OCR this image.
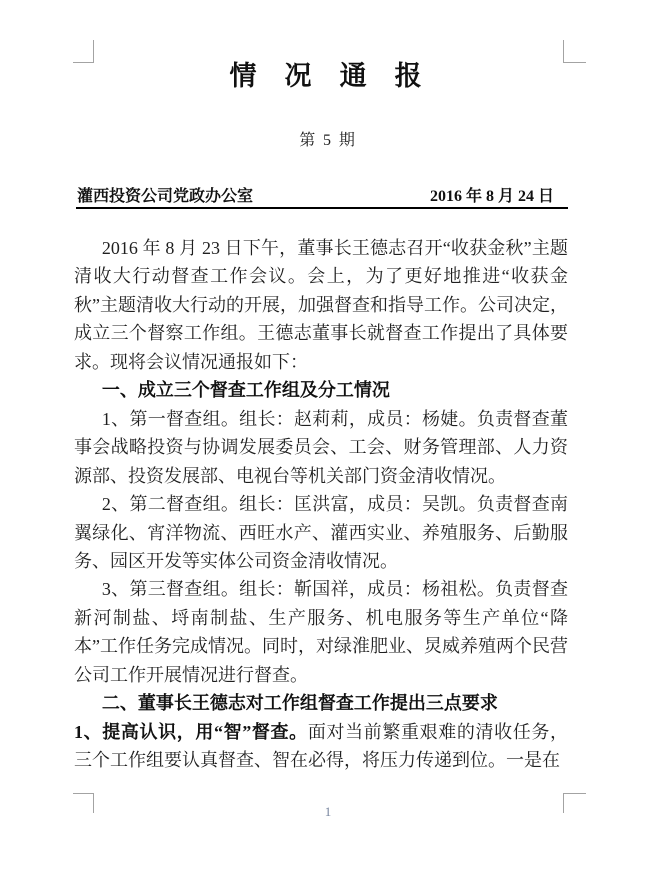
情  况  通  报
第 5 期
灌西投资公司党政办公室	2016 年 8 月 24 日

2016 年 8 月 23 日下午，董事长王德志召开“收获金秋”主题清收大行动督查工作会议。会上，为了更好地推进“收获金秋”主题清收大行动的开展，加强督查和指导工作。公司决定，成立三个督察工作组。王德志董事长就督查工作提出了具体要求。现将会议情况通报如下：

一、成立三个督查工作组及分工情况

1、第一督查组。组长：赵莉莉，成员：杨婕。负责督查董事会战略投资与协调发展委员会、工会、财务管理部、人力资源部、投资发展部、电视台等机关部门资金清收情况。

2、第二督查组。组长：匡洪富，成员：吴凯。负责督查南翼绿化、宵洋物流、西旺水产、灌西实业、养殖服务、后勤服务、园区开发等实体公司资金清收情况。

3、第三督查组。组长：靳国祥，成员：杨祖松。负责督查新河制盐、埒南制盐、生产服务、机电服务等生产单位“降本”工作任务完成情况。同时，对绿淮肥业、炅威养殖两个民营公司工作开展情况进行督查。

二、董事长王德志对工作组督查工作提出三点要求

1、提高认识，用“智”督查。面对当前繁重艰难的清收任务，三个工作组要认真督查、智在必得，将压力传递到位。一是在

1
